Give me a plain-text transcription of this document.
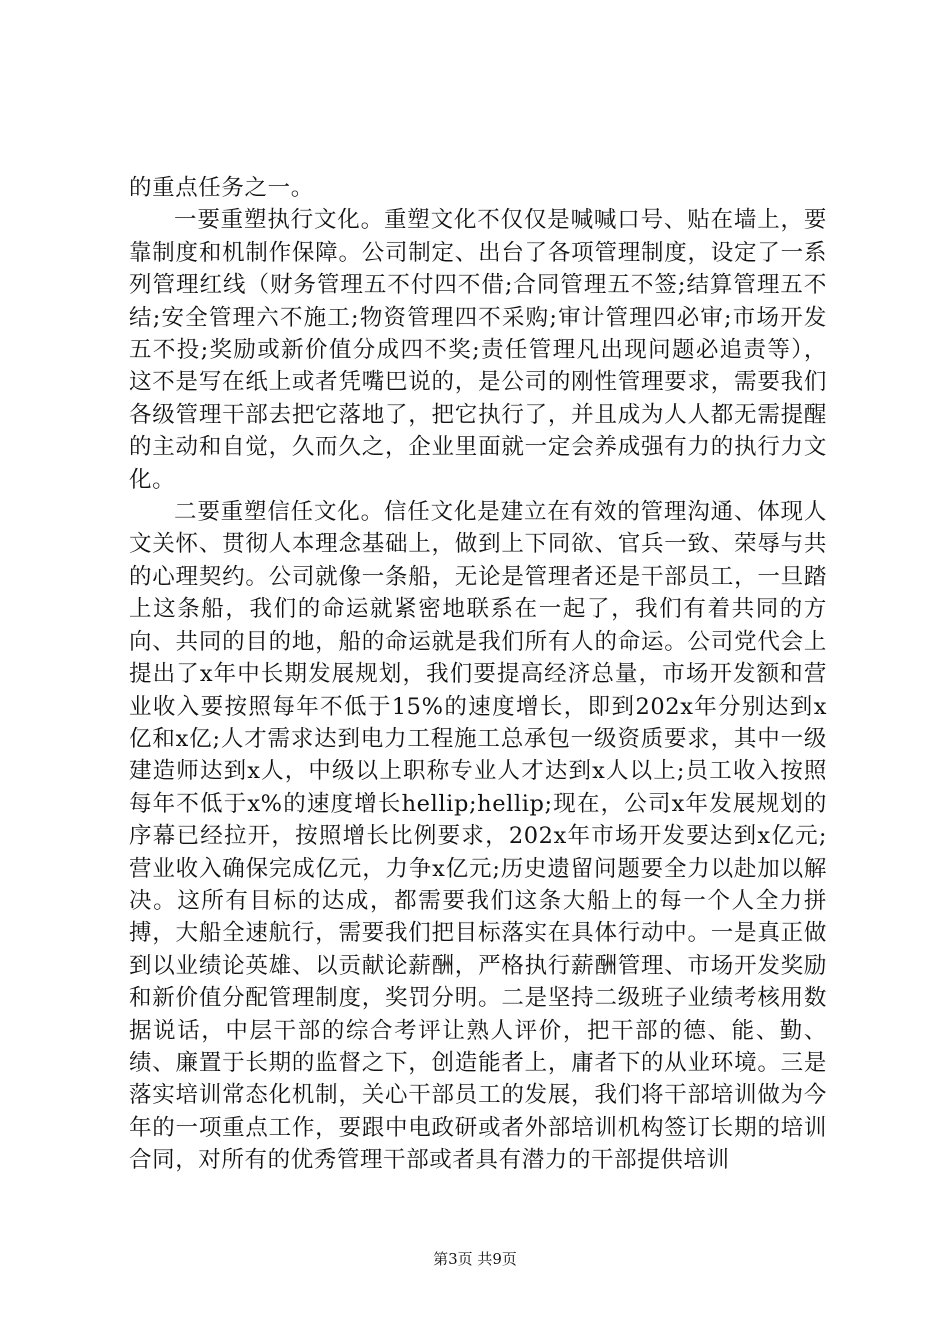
的重点任务之一。

一要重塑执行文化。重塑文化不仅仅是喊喊口号、贴在墙上，要靠制度和机制作保障。公司制定、出台了各项管理制度，设定了一系列管理红线（财务管理五不付四不借;合同管理五不签;结算管理五不结;安全管理六不施工;物资管理四不采购;审计管理四必审;市场开发五不投;奖励或新价值分成四不奖;责任管理凡出现问题必追责等），这不是写在纸上或者凭嘴巴说的，是公司的刚性管理要求，需要我们各级管理干部去把它落地了，把它执行了，并且成为人人都无需提醒的主动和自觉，久而久之，企业里面就一定会养成强有力的执行力文化。

二要重塑信任文化。信任文化是建立在有效的管理沟通、体现人文关怀、贯彻人本理念基础上，做到上下同欲、官兵一致、荣辱与共的心理契约。公司就像一条船，无论是管理者还是干部员工，一旦踏上这条船，我们的命运就紧密地联系在一起了，我们有着共同的方向、共同的目的地，船的命运就是我们所有人的命运。公司党代会上提出了x年中长期发展规划，我们要提高经济总量，市场开发额和营业收入要按照每年不低于15%的速度增长，即到202x年分别达到x亿和x亿;人才需求达到电力工程施工总承包一级资质要求，其中一级建造师达到x人，中级以上职称专业人才达到x人以上;员工收入按照每年不低于x%的速度增长hellip;hellip;现在，公司x年发展规划的序幕已经拉开，按照增长比例要求，202x年市场开发要达到x亿元;营业收入确保完成亿元，力争x亿元;历史遗留问题要全力以赴加以解决。这所有目标的达成，都需要我们这条大船上的每一个人全力拼搏，大船全速航行，需要我们把目标落实在具体行动中。一是真正做到以业绩论英雄、以贡献论薪酬，严格执行薪酬管理、市场开发奖励和新价值分配管理制度，奖罚分明。二是坚持二级班子业绩考核用数据说话，中层干部的综合考评让熟人评价，把干部的德、能、勤、绩、廉置于长期的监督之下，创造能者上，庸者下的从业环境。三是落实培训常态化机制，关心干部员工的发展，我们将干部培训做为今年的一项重点工作，要跟中电政研或者外部培训机构签订长期的培训合同，对所有的优秀管理干部或者具有潜力的干部提供培训

第3页 共9页
